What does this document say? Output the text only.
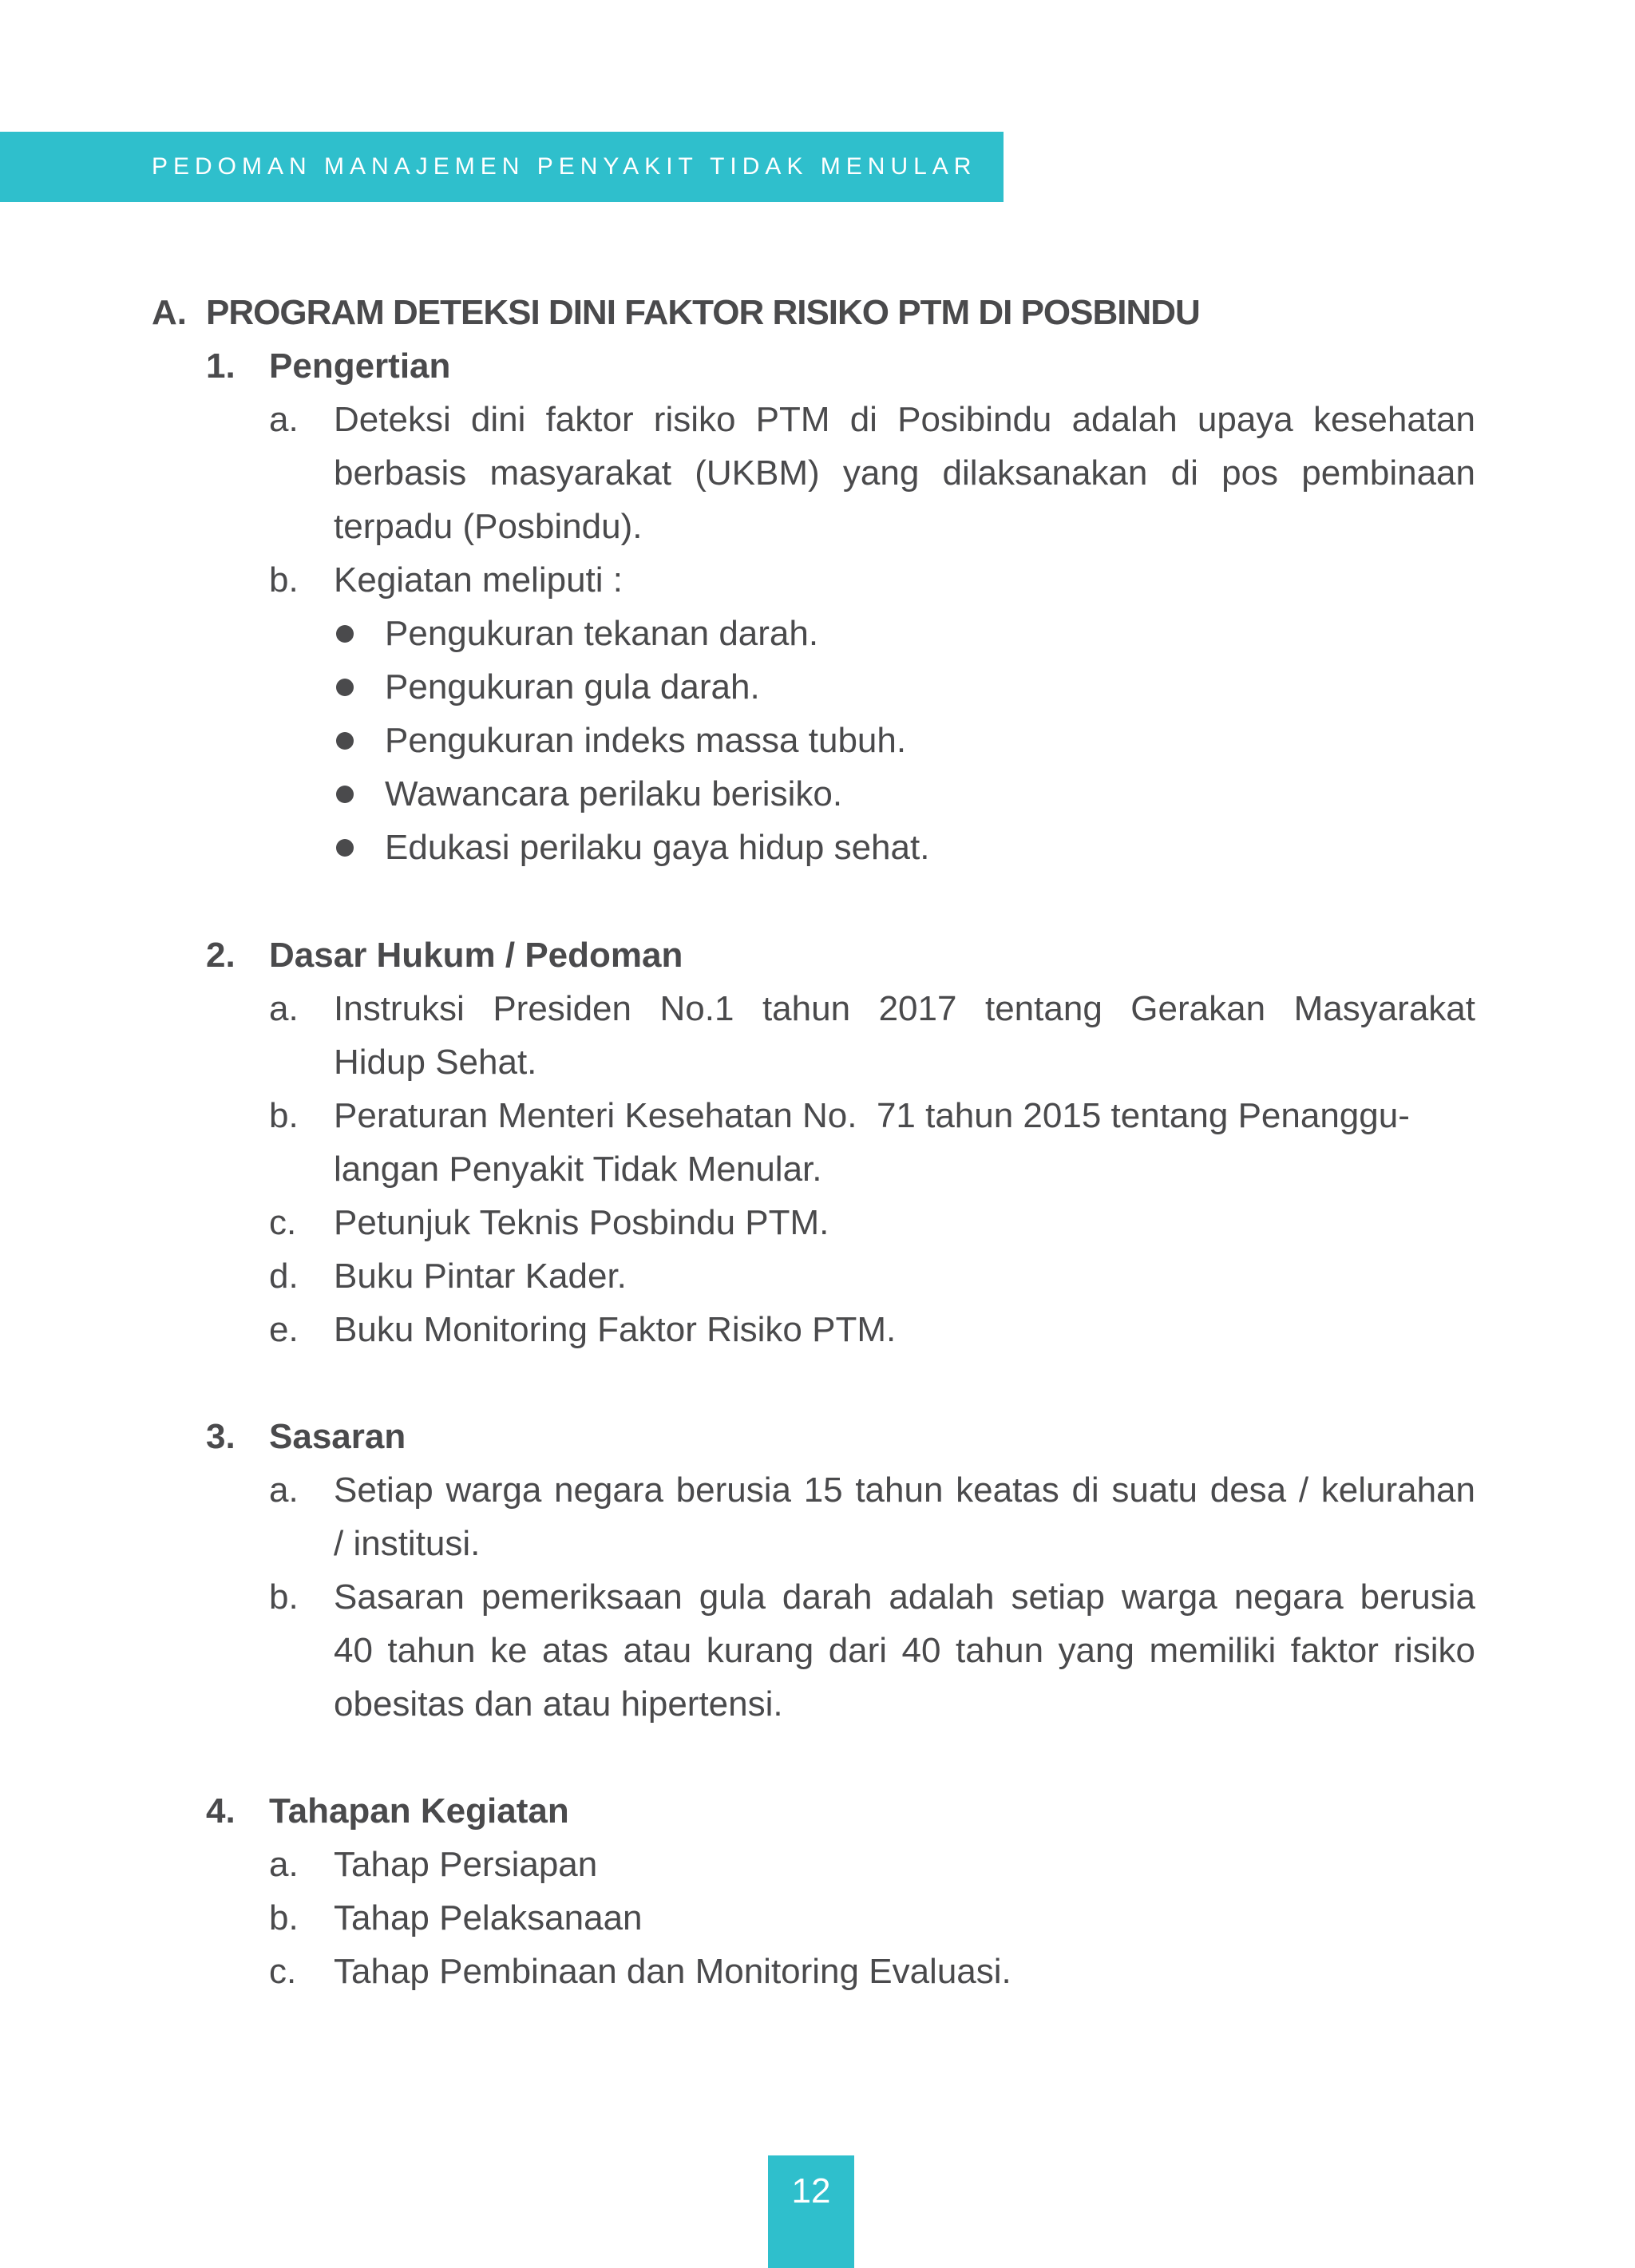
PEDOMAN MANAJEMEN PENYAKIT TIDAK MENULAR
A. PROGRAM DETEKSI DINI FAKTOR RISIKO PTM DI POSBINDU
1. Pengertian
a. Deteksi dini faktor risiko PTM di Posibindu adalah upaya kesehatan
berbasis masyarakat (UKBM) yang dilaksanakan di pos pembinaan
terpadu (Posbindu).
b. Kegiatan meliputi :
Pengukuran tekanan darah.
Pengukuran gula darah.
Pengukuran indeks massa tubuh.
Wawancara perilaku berisiko.
Edukasi perilaku gaya hidup sehat.
2. Dasar Hukum / Pedoman
a. Instruksi Presiden No.1 tahun 2017 tentang Gerakan Masyarakat
Hidup Sehat.
b. Peraturan Menteri Kesehatan No.  71 tahun 2015 tentang Penanggu-
langan Penyakit Tidak Menular.
c. Petunjuk Teknis Posbindu PTM.
d. Buku Pintar Kader.
e. Buku Monitoring Faktor Risiko PTM.
3. Sasaran
a. Setiap warga negara berusia 15 tahun keatas di suatu desa / kelurahan
/ institusi.
b. Sasaran pemeriksaan gula darah adalah setiap warga negara berusia
40 tahun ke atas atau kurang dari 40 tahun yang memiliki faktor risiko
obesitas dan atau hipertensi.
4. Tahapan Kegiatan
a. Tahap Persiapan
b. Tahap Pelaksanaan
c. Tahap Pembinaan dan Monitoring Evaluasi.
12
